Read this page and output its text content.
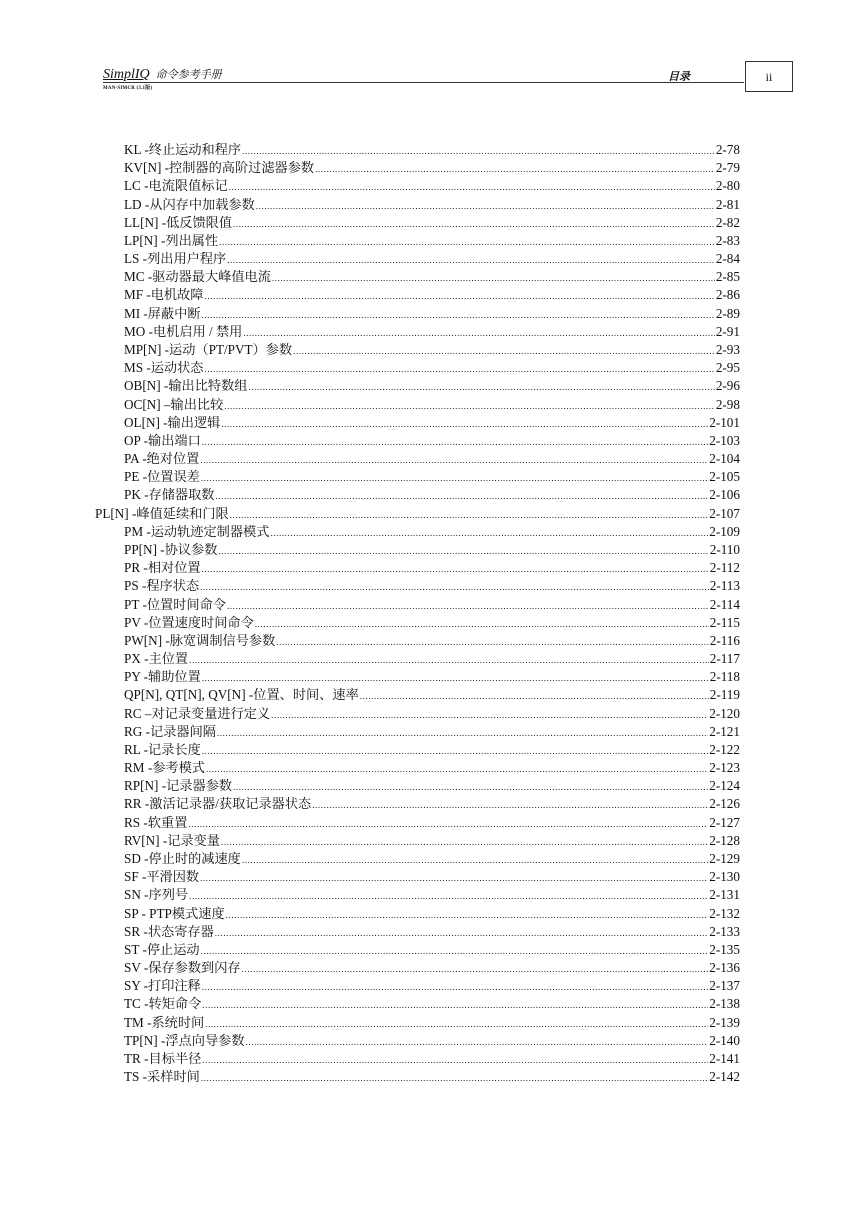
SimplIQ 命令参考手册
MAN-SIMCR (3.1版)
目录	ii
KL -终止运动和程序 .....	2-78
KV[N] -控制器的高阶过滤器参数 .....	2-79
LC -电流限值标记 .....	2-80
LD -从闪存中加载参数 .....	2-81
LL[N] -低反馈限值 .....	2-82
LP[N] -列出属性 .....	2-83
LS -列出用户程序 .....	2-84
MC -驱动器最大峰值电流 .....	2-85
MF -电机故障 .....	2-86
MI -屏蔽中断 .....	2-89
MO -电机启用 / 禁用 .....	2-91
MP[N] -运动（PT/PVT）参数 .....	2-93
MS -运动状态 .....	2-95
OB[N] -输出比特数组 .....	2-96
OC[N] –输出比较 .....	2-98
OL[N] -输出逻辑 .....	2-101
OP -输出端口 .....	2-103
PA -绝对位置 .....	2-104
PE -位置误差 .....	2-105
PK -存储器取数 .....	2-106
PL[N] -峰值延续和门限 .....	2-107
PM -运动轨迹定制器模式 .....	2-109
PP[N] -协议参数 .....	2-110
PR -相对位置 .....	2-112
PS -程序状态 .....	2-113
PT -位置时间命令 .....	2-114
PV -位置速度时间命令 .....	2-115
PW[N] -脉宽调制信号参数 .....	2-116
PX -主位置 .....	2-117
PY -辅助位置 .....	2-118
QP[N], QT[N], QV[N] -位置、时间、速率 .....	2-119
RC –对记录变量进行定义 .....	2-120
RG -记录器间隔 .....	2-121
RL -记录长度 .....	2-122
RM -参考模式 .....	2-123
RP[N] -记录器参数 .....	2-124
RR -激活记录器/获取记录器状态 .....	2-126
RS -软重置 .....	2-127
RV[N] -记录变量 .....	2-128
SD -停止时的减速度 .....	2-129
SF -平滑因数 .....	2-130
SN -序列号 .....	2-131
SP - PTP模式速度 .....	2-132
SR -状态寄存器 .....	2-133
ST -停止运动 .....	2-135
SV -保存参数到闪存 .....	2-136
SY -打印注释 .....	2-137
TC -转矩命令 .....	2-138
TM -系统时间 .....	2-139
TP[N] -浮点向导参数 .....	2-140
TR -目标半径 .....	2-141
TS -采样时间 .....	2-142
